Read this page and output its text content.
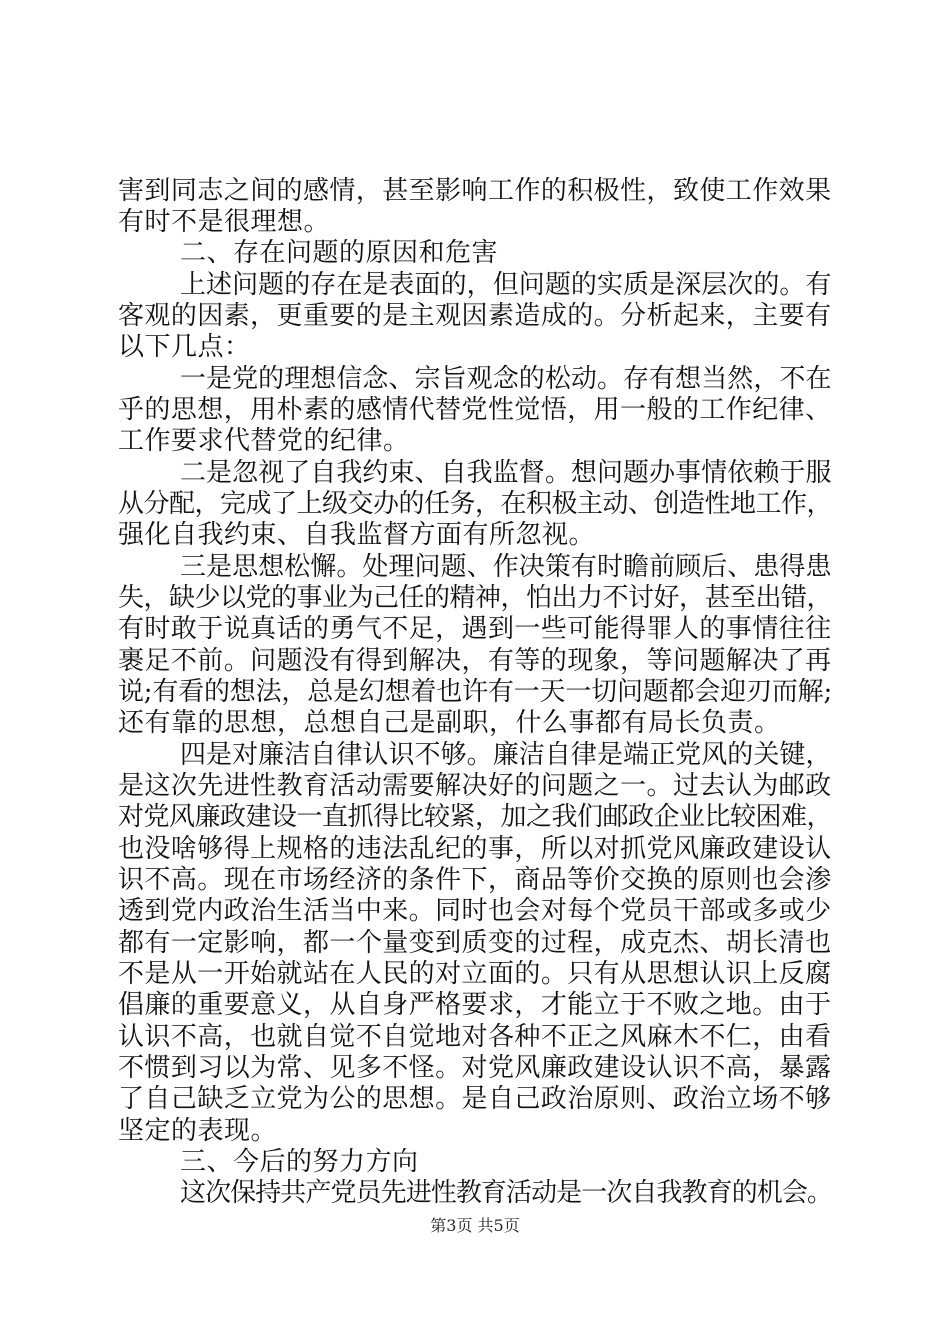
害到同志之间的感情，甚至影响工作的积极性，致使工作效果
有时不是很理想。
二、存在问题的原因和危害
上述问题的存在是表面的，但问题的实质是深层次的。有
客观的因素，更重要的是主观因素造成的。分析起来，主要有
以下几点：
一是党的理想信念、宗旨观念的松动。存有想当然，不在
乎的思想，用朴素的感情代替党性觉悟，用一般的工作纪律、
工作要求代替党的纪律。
二是忽视了自我约束、自我监督。想问题办事情依赖于服
从分配，完成了上级交办的任务，在积极主动、创造性地工作，
强化自我约束、自我监督方面有所忽视。
三是思想松懈。处理问题、作决策有时瞻前顾后、患得患
失，缺少以党的事业为己任的精神，怕出力不讨好，甚至出错，
有时敢于说真话的勇气不足，遇到一些可能得罪人的事情往往
裹足不前。问题没有得到解决，有等的现象，等问题解决了再
说;有看的想法，总是幻想着也许有一天一切问题都会迎刃而解;
还有靠的思想，总想自己是副职，什么事都有局长负责。
四是对廉洁自律认识不够。廉洁自律是端正党风的关键，
是这次先进性教育活动需要解决好的问题之一。过去认为邮政
对党风廉政建设一直抓得比较紧，加之我们邮政企业比较困难，
也没啥够得上规格的违法乱纪的事，所以对抓党风廉政建设认
识不高。现在市场经济的条件下，商品等价交换的原则也会渗
透到党内政治生活当中来。同时也会对每个党员干部或多或少
都有一定影响，都一个量变到质变的过程，成克杰、胡长清也
不是从一开始就站在人民的对立面的。只有从思想认识上反腐
倡廉的重要意义，从自身严格要求，才能立于不败之地。由于
认识不高，也就自觉不自觉地对各种不正之风麻木不仁，由看
不惯到习以为常、见多不怪。对党风廉政建设认识不高，暴露
了自己缺乏立党为公的思想。是自己政治原则、政治立场不够
坚定的表现。
三、今后的努力方向
这次保持共产党员先进性教育活动是一次自我教育的机会。
第3页 共5页
